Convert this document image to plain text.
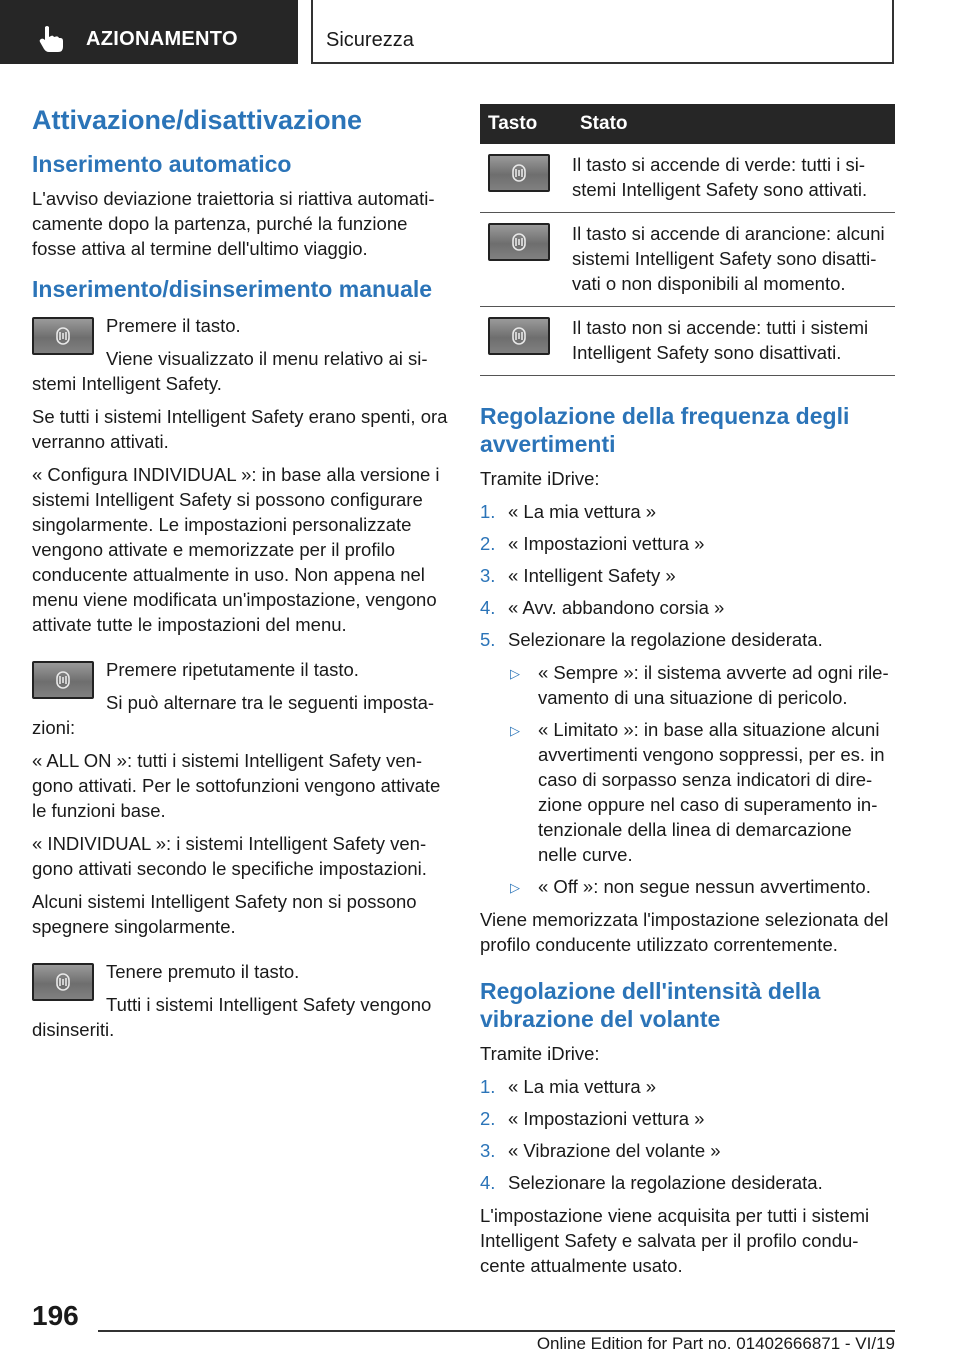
AZIONAMENTO	Sicurezza
Attivazione/disattivazione
Inserimento automatico

L'avviso deviazione traiettoria si riattiva automaticamente dopo la partenza, purché la funzione fosse attiva al termine dell'ultimo viaggio.

Inserimento/disinserimento manuale

Premere il tasto.

Viene visualizzato il menu relativo ai sistemi Intelligent Safety.

Se tutti i sistemi Intelligent Safety erano spenti, ora verranno attivati.

« Configura INDIVIDUAL »: in base alla versione i sistemi Intelligent Safety si possono configurare singolarmente. Le impostazioni personalizzate vengono attivate e memorizzate per il profilo conducente attualmente in uso. Non appena nel menu viene modificata un'impostazione, vengono attivate tutte le impostazioni del menu.

Premere ripetutamente il tasto.

Si può alternare tra le seguenti impostazioni:

« ALL ON »: tutti i sistemi Intelligent Safety vengono attivati. Per le sottofunzioni vengono attivate le funzioni base.

« INDIVIDUAL »: i sistemi Intelligent Safety vengono attivati secondo le specifiche impostazioni.

Alcuni sistemi Intelligent Safety non si possono spegnere singolarmente.

Tenere premuto il tasto.

Tutti i sistemi Intelligent Safety vengono disinseriti.

Tasto	Stato

	Il tasto si accende di verde: tutti i sistemi Intelligent Safety sono attivati.

	Il tasto si accende di arancione: alcuni sistemi Intelligent Safety sono disattivati o non disponibili al momento.

	Il tasto non si accende: tutti i sistemi Intelligent Safety sono disattivati.
Regolazione della frequenza degli avvertimenti

Tramite iDrive:

1. « La mia vettura »
2. « Impostazioni vettura »
3. « Intelligent Safety »
4. « Avv. abbandono corsia »
5. Selezionare la regolazione desiderata.
▷ « Sempre »: il sistema avverte ad ogni rilevamento di una situazione di pericolo.
▷ « Limitato »: in base alla situazione alcuni avvertimenti vengono soppressi, per es. in caso di sorpasso senza indicatori di direzione oppure nel caso di superamento intenzionale della linea di demarcazione nelle curve.
▷ « Off »: non segue nessun avvertimento.

Viene memorizzata l'impostazione selezionata del profilo conducente utilizzato correntemente.

Regolazione dell'intensità della vibrazione del volante

Tramite iDrive:

1. « La mia vettura »
2. « Impostazioni vettura »
3. « Vibrazione del volante »
4. Selezionare la regolazione desiderata.

L'impostazione viene acquisita per tutti i sistemi Intelligent Safety e salvata per il profilo conducente attualmente usato.

196
Online Edition for Part no. 01402666871 - VI/19
